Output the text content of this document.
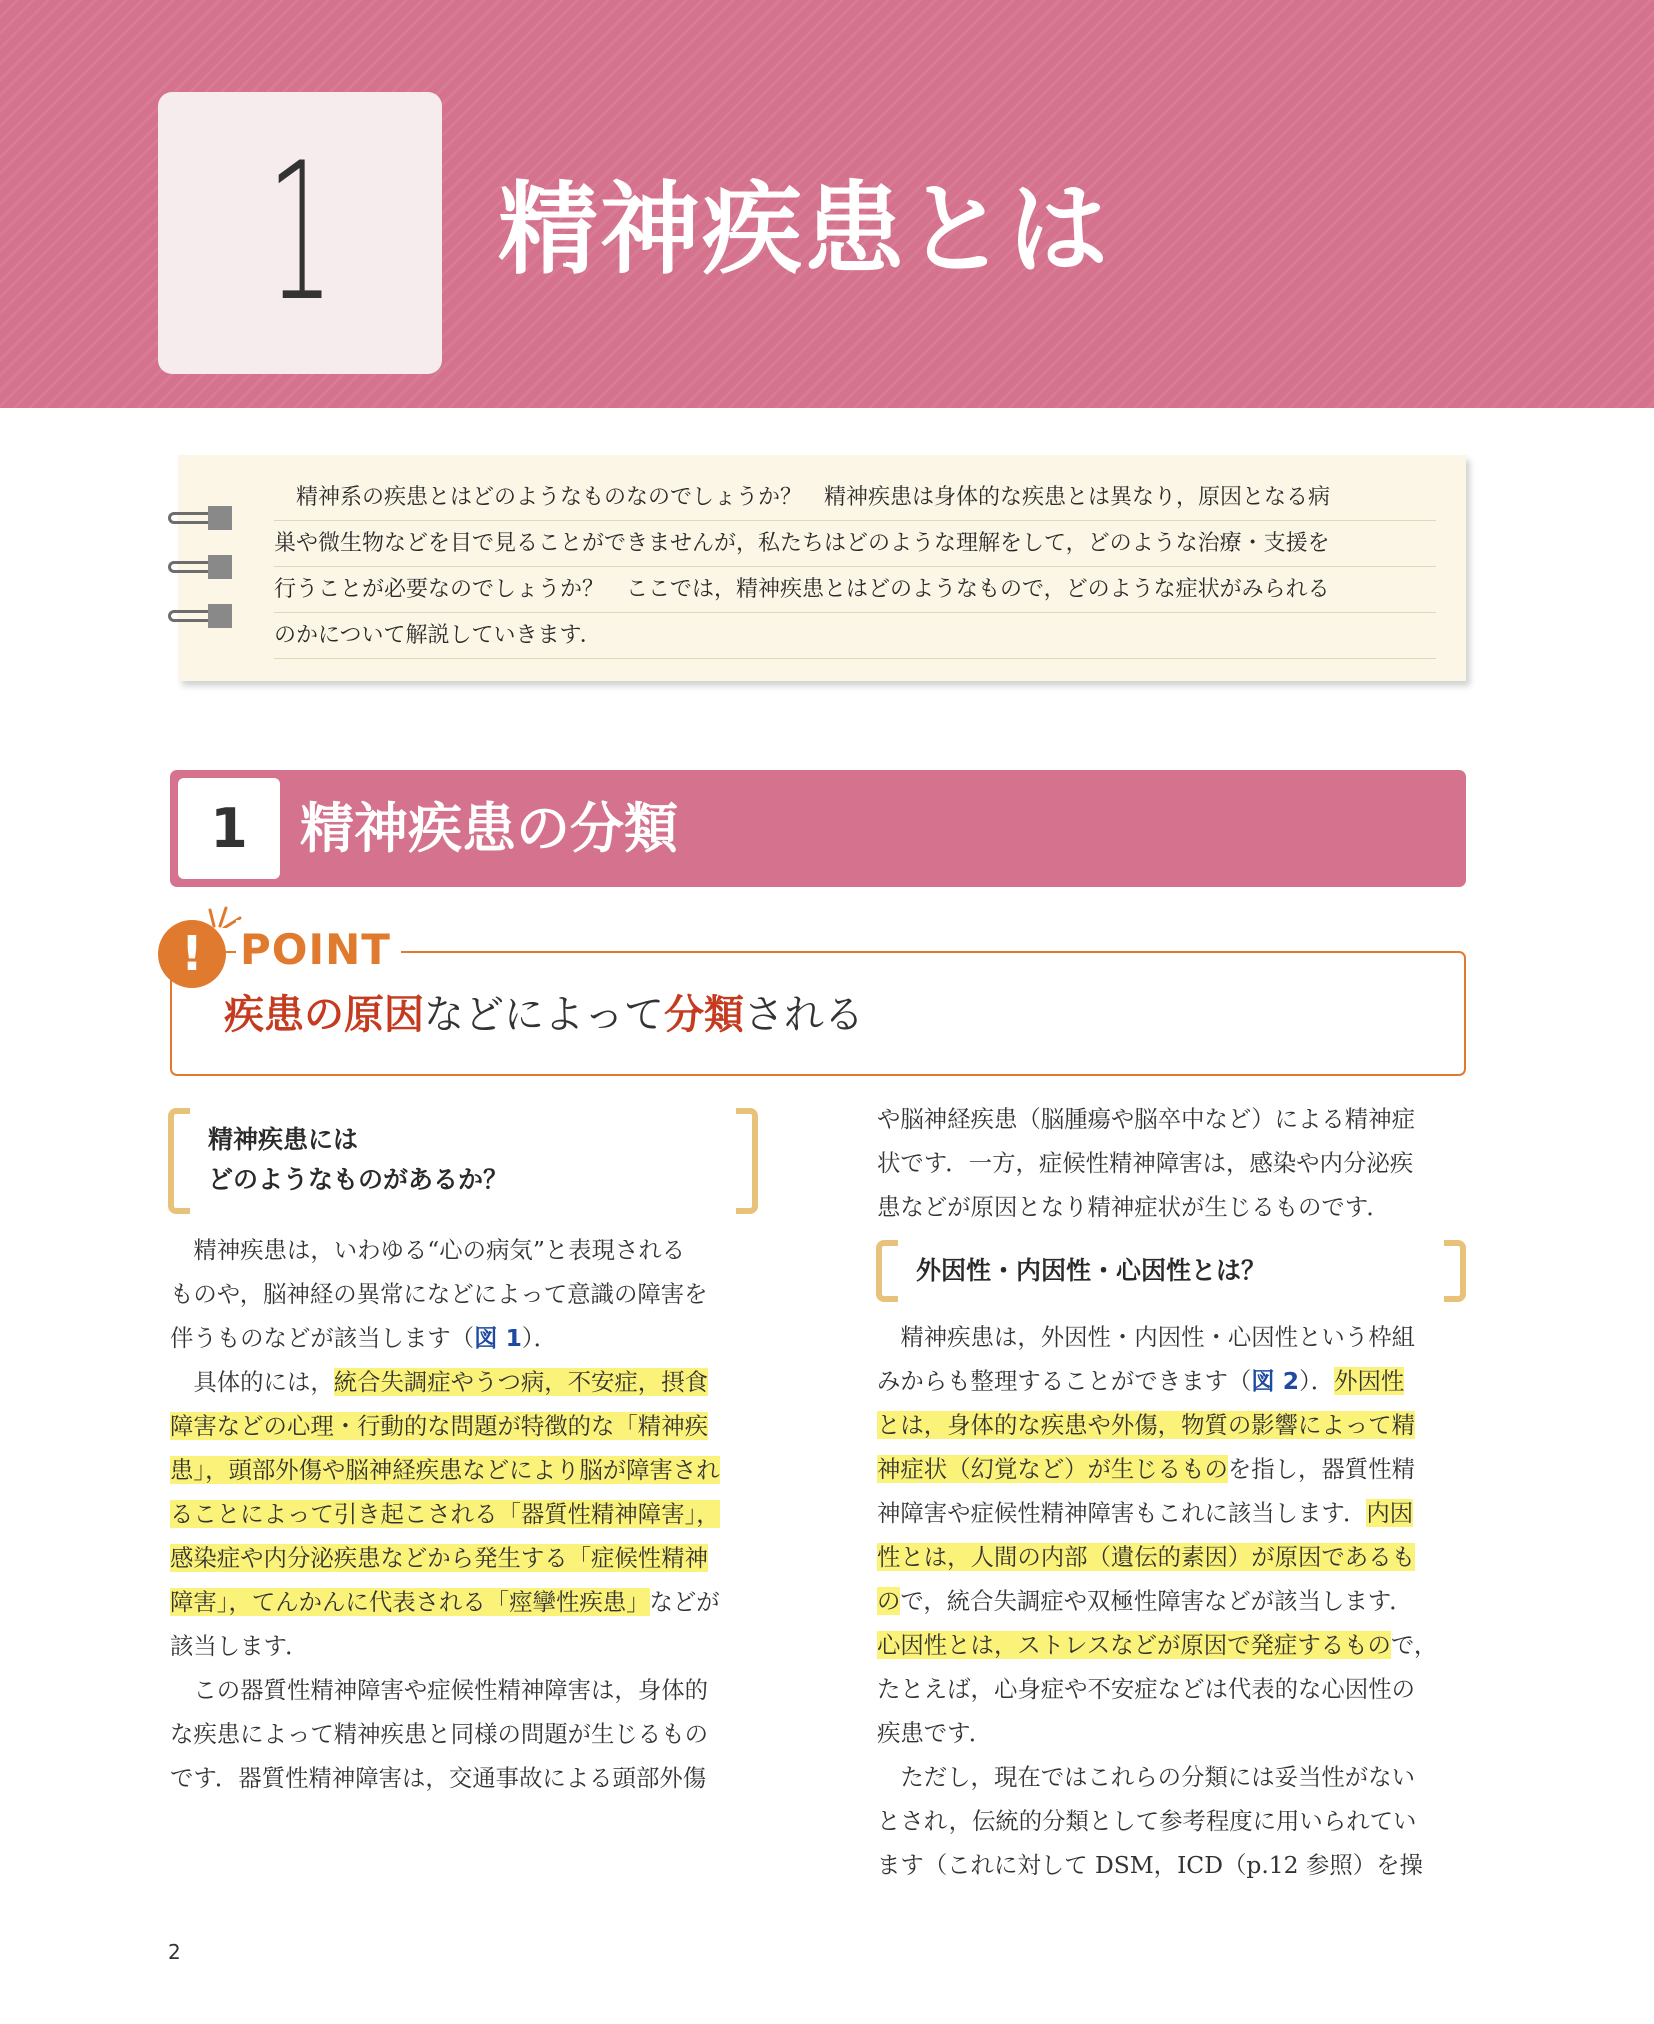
1 精神疾患とは
　精神系の疾患とはどのようなものなのでしょうか？　精神疾患は身体的な疾患とは異なり，原因となる病
巣や微生物などを目で見ることができませんが，私たちはどのような理解をして，どのような治療・支援を
行うことが必要なのでしょうか？　ここでは，精神疾患とはどのようなもので，どのような症状がみられる
のかについて解説していきます．
1 精神疾患の分類
! POINT
疾患の原因などによって分類される
精神疾患には
どのようなものがあるか？
外因性・内因性・心因性とは？
　精神疾患は，いわゆる“心の病気”と表現される
ものや，脳神経の異常になどによって意識の障害を
伴うものなどが該当します（図 1）．
　具体的には，統合失調症やうつ病，不安症，摂食
障害などの心理・行動的な問題が特徴的な「精神疾
患」，頭部外傷や脳神経疾患などにより脳が障害され
ることによって引き起こされる「器質性精神障害」，
感染症や内分泌疾患などから発生する「症候性精神
障害」，てんかんに代表される「痙攣性疾患」などが
該当します．
　この器質性精神障害や症候性精神障害は，身体的
な疾患によって精神疾患と同様の問題が生じるもの
です．器質性精神障害は，交通事故による頭部外傷
や脳神経疾患（脳腫瘍や脳卒中など）による精神症
状です．一方，症候性精神障害は，感染や内分泌疾
患などが原因となり精神症状が生じるものです．
　精神疾患は，外因性・内因性・心因性という枠組
みからも整理することができます（図 2）．外因性
とは，身体的な疾患や外傷，物質の影響によって精
神症状（幻覚など）が生じるものを指し，器質性精
神障害や症候性精神障害もこれに該当します．内因
性とは，人間の内部（遺伝的素因）が原因であるも
ので，統合失調症や双極性障害などが該当します．
心因性とは，ストレスなどが原因で発症するもので，
たとえば，心身症や不安症などは代表的な心因性の
疾患です．
　ただし，現在ではこれらの分類には妥当性がない
とされ，伝統的分類として参考程度に用いられてい
ます（これに対して DSM，ICD（p.12 参照）を操
2
